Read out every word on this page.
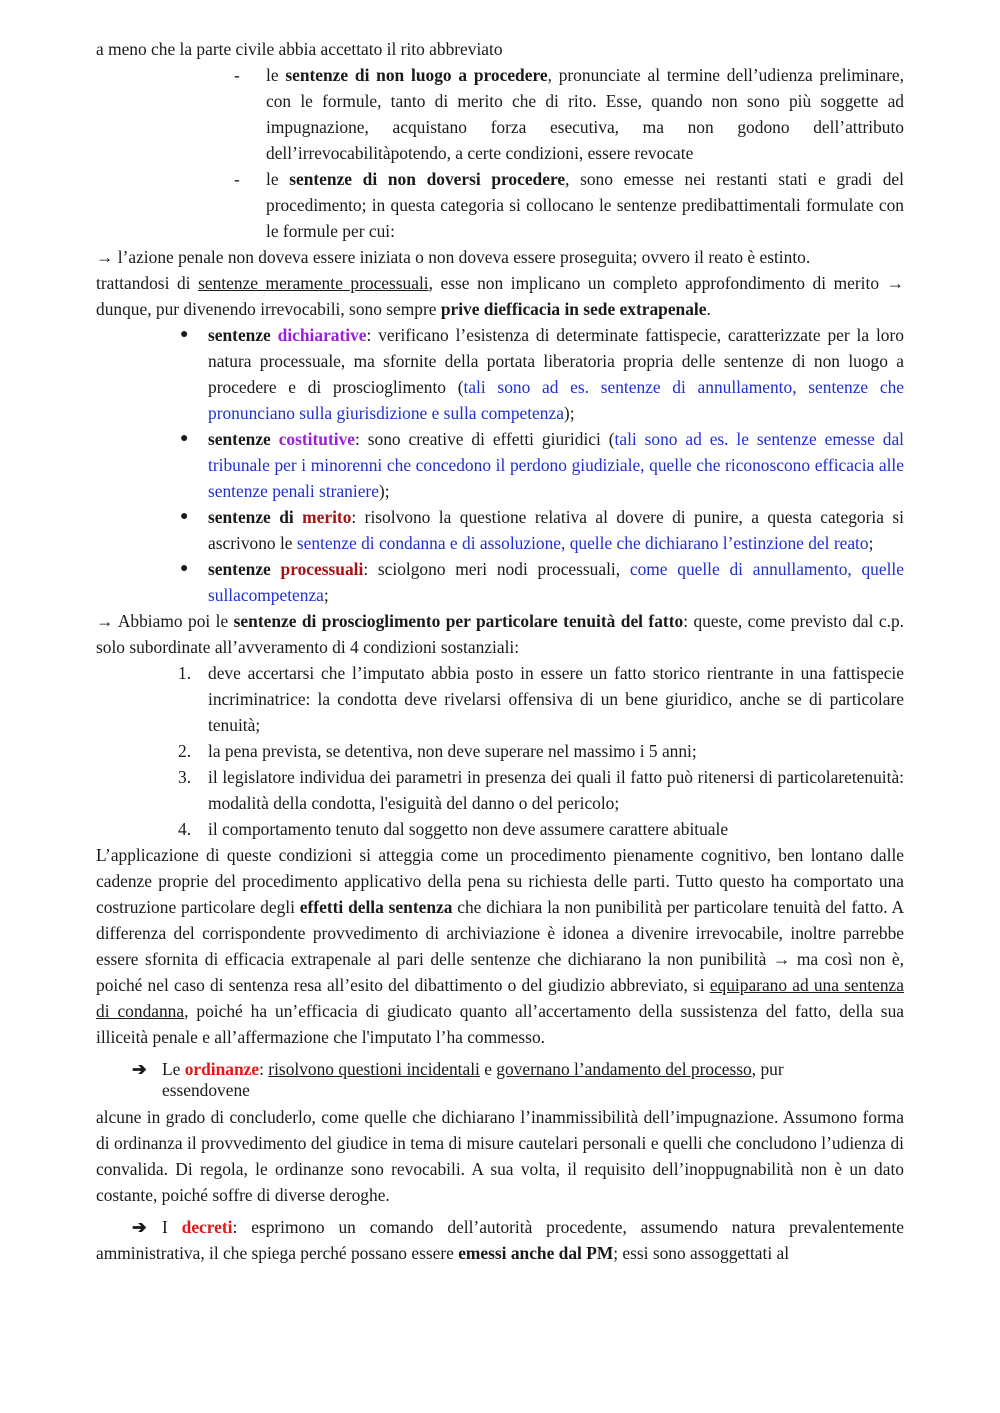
a meno che la parte civile abbia accettato il rito abbreviato

- le sentenze di non luogo a procedere, pronunciate al termine dell’udienza preliminare, con le formule, tanto di merito che di rito. Esse, quando non sono più soggette ad impugnazione, acquistano forza esecutiva, ma non godono dell’attributo dell’irrevocabilitàpotendo, a certe condizioni, essere revocate
- le sentenze di non doversi procedere, sono emesse nei restanti stati e gradi del procedimento; in questa categoria si collocano le sentenze predibattimentali formulate con le formule per cui:

→ l’azione penale non doveva essere iniziata o non doveva essere proseguita; ovvero il reato è estinto.

trattandosi di sentenze meramente processuali, esse non implicano un completo approfondimento di merito → dunque, pur divenendo irrevocabili, sono sempre prive diefficacia in sede extrapenale.

● sentenze dichiarative: verificano l’esistenza di determinate fattispecie, caratterizzate per la loro natura processuale, ma sfornite della portata liberatoria propria delle sentenze di non luogo a procedere e di proscioglimento (tali sono ad es. sentenze di annullamento, sentenze che pronunciano sulla giurisdizione e sulla competenza);
● sentenze costitutive: sono creative di effetti giuridici (tali sono ad es. le sentenze emesse dal tribunale per i minorenni che concedono il perdono giudiziale, quelle che riconoscono efficacia alle sentenze penali straniere);
● sentenze di merito: risolvono la questione relativa al dovere di punire, a questa categoria si ascrivono le sentenze di condanna e di assoluzione, quelle che dichiarano l’estinzione del reato;
● sentenze processuali: sciolgono meri nodi processuali, come quelle di annullamento, quelle sullacompetenza;

→ Abbiamo poi le sentenze di proscioglimento per particolare tenuità del fatto: queste, come previsto dal c.p. solo subordinate all’avveramento di 4 condizioni sostanziali:

1. deve accertarsi che l’imputato abbia posto in essere un fatto storico rientrante in una fattispecie incriminatrice: la condotta deve rivelarsi offensiva di un bene giuridico, anche se di particolare tenuità;
2. la pena prevista, se detentiva, non deve superare nel massimo i 5 anni;
3. il legislatore individua dei parametri in presenza dei quali il fatto può ritenersi di particolaretenuità: modalità della condotta, l'esiguità del danno o del pericolo;
4. il comportamento tenuto dal soggetto non deve assumere carattere abituale

L’applicazione di queste condizioni si atteggia come un procedimento pienamente cognitivo, ben lontano dalle cadenze proprie del procedimento applicativo della pena su richiesta delle parti. Tutto questo ha comportato una costruzione particolare degli effetti della sentenza che dichiara la non punibilità per particolare tenuità del fatto. A differenza del corrispondente provvedimento di archiviazione è idonea a divenire irrevocabile, inoltre parrebbe essere sfornita di efficacia extrapenale al pari delle sentenze che dichiarano la non punibilità → ma così non è, poiché nel caso di sentenza resa all’esito del dibattimento o del giudizio abbreviato, si equiparano ad una sentenza di condanna, poiché ha un’efficacia di giudicato quanto all’accertamento della sussistenza del fatto, della sua illiceità penale e all’affermazione che l'imputato l’ha commesso.

➔ Le ordinanze: risolvono questioni incidentali e governano l’andamento del processo, pur
essendovene

alcune in grado di concluderlo, come quelle che dichiarano l’inammissibilità dell’impugnazione. Assumono forma di ordinanza il provvedimento del giudice in tema di misure cautelari personali e quelli che concludono l’udienza di convalida. Di regola, le ordinanze sono revocabili. A sua volta, il requisito dell’inoppugnabilità non è un dato costante, poiché soffre di diverse deroghe.

➔ I decreti: esprimono un comando dell’autorità procedente, assumendo natura prevalentemente amministrativa, il che spiega perché possano essere emessi anche dal PM; essi sono assoggettati al
